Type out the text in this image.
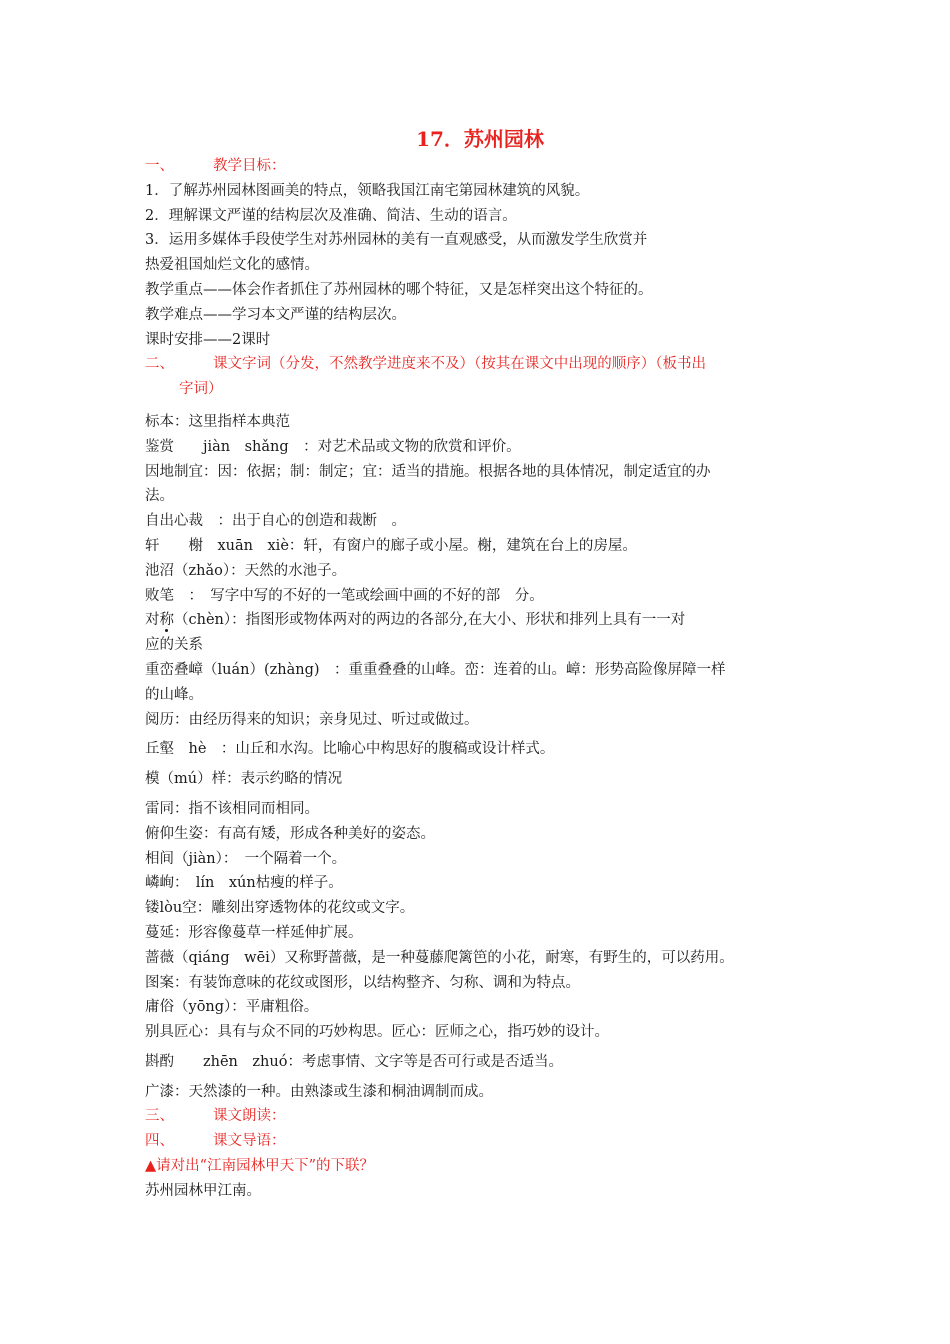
17．苏州园林
一、	教学目标：
1．了解苏州园林图画美的特点，领略我国江南宅第园林建筑的风貌。
2．理解课文严谨的结构层次及准确、简洁、生动的语言。
3．运用多媒体手段使学生对苏州园林的美有一直观感受，从而激发学生欣赏并
热爱祖国灿烂文化的感情。
教学重点——体会作者抓住了苏州园林的哪个特征，又是怎样突出这个特征的。
教学难点——学习本文严谨的结构层次。
课时安排——2课时
二、	课文字词（分发，不然教学进度来不及）（按其在课文中出现的顺序）（板书出
字词）
标本：这里指样本典范
鉴赏　　jiàn　shǎng　：对艺术品或文物的欣赏和评价。
因地制宜：因：依据；制：制定；宜：适当的措施。根据各地的具体情况，制定适宜的办
法。
自出心裁　：出于自心的创造和裁断　。
轩　　榭　xuān　xiè：轩，有窗户的廊子或小屋。榭，建筑在台上的房屋。
池沼（zhǎo）：天然的水池子。
败笔　：　写字中写的不好的一笔或绘画中画的不好的部　分。
对称（chèn）：指图形或物体两对的两边的各部分,在大小、形状和排列上具有一一对
应的关系
重峦叠嶂（luán）(zhàng)　：重重叠叠的山峰。峦：连着的山。嶂：形势高险像屏障一样
的山峰。
阅历：由经历得来的知识；亲身见过、听过或做过。
丘壑　hè　：山丘和水沟。比喻心中构思好的腹稿或设计样式。
模（mú）样：表示约略的情况
雷同：指不该相同而相同。
俯仰生姿：有高有矮，形成各种美好的姿态。
相间（jiàn）：　一个隔着一个。
嶙峋：　lín　xún枯瘦的样子。
镂lòu空：雕刻出穿透物体的花纹或文字。
蔓延：形容像蔓草一样延伸扩展。
蔷薇（qiáng　wēi）又称野蔷薇，是一种蔓藤爬篱笆的小花，耐寒，有野生的，可以药用。
图案：有装饰意味的花纹或图形，以结构整齐、匀称、调和为特点。
庸俗（yōng）：平庸粗俗。
别具匠心：具有与众不同的巧妙构思。匠心：匠师之心，指巧妙的设计。
斟酌　　zhēn　zhuó：考虑事情、文字等是否可行或是否适当。
广漆：天然漆的一种。由熟漆或生漆和桐油调制而成。
三、	课文朗读：
四、	课文导语：
▲请对出“江南园林甲天下”的下联？
苏州园林甲江南。
